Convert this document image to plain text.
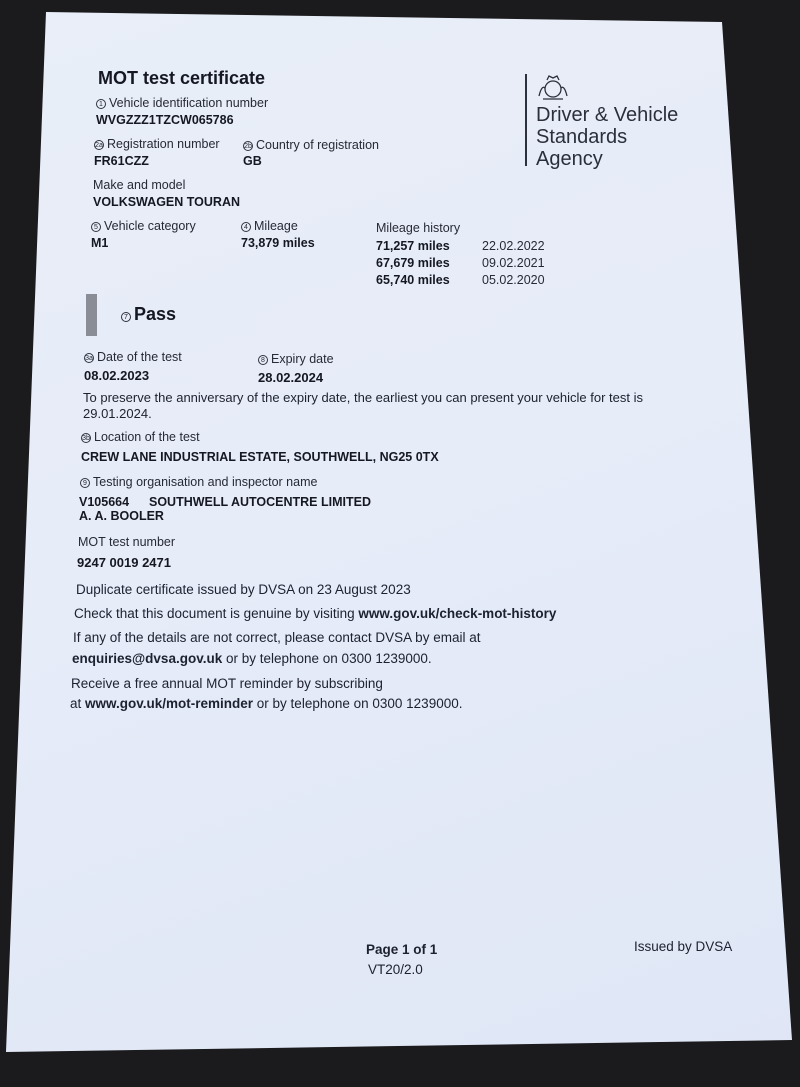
MOT test certificate
Driver & Vehicle
Standards
Agency
1 Vehicle identification number
WVGZZZ1TZCW065786
2a Registration number
FR61CZZ
2b Country of registration
GB
Make and model
VOLKSWAGEN TOURAN
5 Vehicle category
M1
4 Mileage
73,879 miles
Mileage history
71,257 miles	22.02.2022
67,679 miles	09.02.2021
65,740 miles	05.02.2020
7 Pass
3a Date of the test
08.02.2023
8 Expiry date
28.02.2024
To preserve the anniversary of the expiry date, the earliest you can present your vehicle for test is
29.01.2024.
3b Location of the test
CREW LANE INDUSTRIAL ESTATE, SOUTHWELL, NG25 0TX
9 Testing organisation and inspector name
V105664 SOUTHWELL AUTOCENTRE LIMITED
A. A. BOOLER
MOT test number
9247 0019 2471
Duplicate certificate issued by DVSA on 23 August 2023
Check that this document is genuine by visiting www.gov.uk/check-mot-history
If any of the details are not correct, please contact DVSA by email at
enquiries@dvsa.gov.uk or by telephone on 0300 1239000.
Receive a free annual MOT reminder by subscribing
at www.gov.uk/mot-reminder or by telephone on 0300 1239000.
Page 1 of 1
VT20/2.0
Issued by DVSA
